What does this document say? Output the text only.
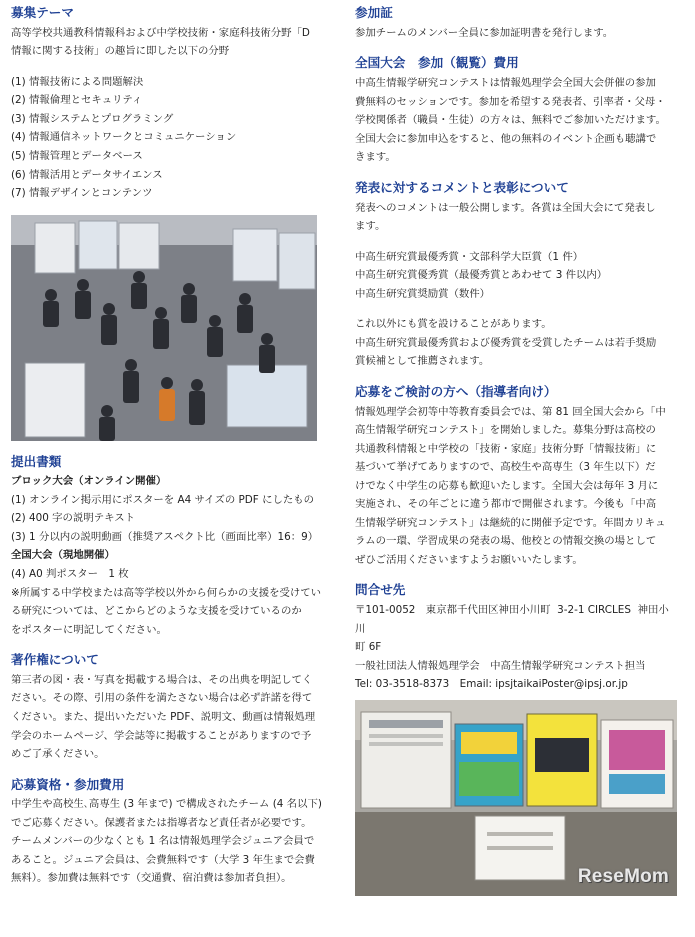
募集テーマ
高等学校共通教科情報科および中学校技術・家庭科技術分野「D
情報に関する技術」の趣旨に即した以下の分野
(1) 情報技術による問題解決
(2) 情報倫理とセキュリティ
(3) 情報システムとプログラミング
(4) 情報通信ネットワークとコミュニケーション
(5) 情報管理とデータベース
(6) 情報活用とデータサイエンス
(7) 情報デザインとコンテンツ
提出書類
ブロック大会（オンライン開催）
(1) オンライン掲示用にポスターを A4 サイズの PDF にしたもの
(2) 400 字の説明テキスト
(3) 1 分以内の説明動画（推奨アスペクト比（画面比率）16：9）
全国大会（現地開催）
(4) A0 判ポスター　1 枚
※所属する中学校または高等学校以外から何らかの支援を受けてい
る研究については、どこからどのような支援を受けているのか
をポスターに明記してください。
著作権について
第三者の図・表・写真を掲載する場合は、その出典を明記してく
ださい。その際、引用の条件を満たさない場合は必ず許諾を得て
ください。また、提出いただいた PDF、説明文、動画は情報処理
学会のホームページ、学会誌等に掲載することがありますので予
めご了承ください。
応募資格・参加費用
中学生や高校生､高専生 (3 年まで) で構成されたチーム (4 名以下)
でご応募ください。保護者または指導者など責任者が必要です。
チームメンバーの少なくとも 1 名は情報処理学会ジュニア会員で
あること。ジュニア会員は、会費無料です（大学 3 年生まで会費
無料）。参加費は無料です（交通費、宿泊費は参加者負担）。
参加証
参加チームのメンバー全員に参加証明書を発行します。
全国大会　参加（観覧）費用
中高生情報学研究コンテストは情報処理学会全国大会併催の参加
費無料のセッションです。参加を希望する発表者、引率者・父母・
学校関係者（職員・生徒）の方々は、無料でご参加いただけます。
全国大会に参加申込をすると、他の無料のイベント企画も聴講で
きます。
発表に対するコメントと表彰について
発表へのコメントは一般公開します。各賞は全国大会にて発表し
ます。
中高生研究賞最優秀賞・文部科学大臣賞（1 件）
中高生研究賞優秀賞（最優秀賞とあわせて 3 件以内）
中高生研究賞奨励賞（数件）
これ以外にも賞を設けることがあります。
中高生研究賞最優秀賞および優秀賞を受賞したチームは若手奨励
賞候補として推薦されます。
応募をご検討の方へ（指導者向け）
情報処理学会初等中等教育委員会では、第 81 回全国大会から「中
高生情報学研究コンテスト」を開始しました。募集分野は高校の
共通教科情報と中学校の「技術・家庭」技術分野「情報技術」に
基づいて挙げてありますので、高校生や高専生（3 年生以下）だ
けでなく中学生の応募も歓迎いたします。全国大会は毎年 3 月に
実施され、その年ごとに違う都市で開催されます。今後も「中高
生情報学研究コンテスト」は継続的に開催予定です。年間カリキュ
ラムの一環、学習成果の発表の場、他校との情報交換の場として
ぜひご活用くださいますようお願いいたします。
問合せ先
〒101-0052　東京都千代田区神田小川町  3-2-1 CIRCLES  神田小川
町 6F
一般社団法人情報処理学会　中高生情報学研究コンテスト担当
Tel: 03-3518-8373　Email: ipsjtaikaiPoster@ipsj.or.jp
ReseMom
